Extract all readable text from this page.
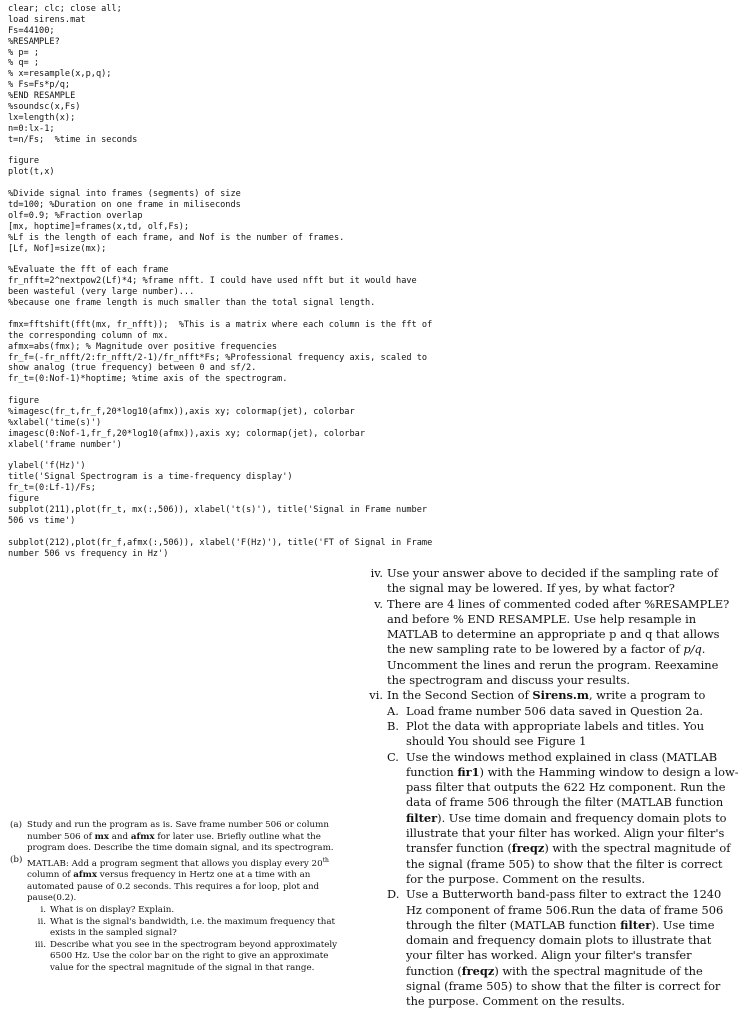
clear; clc; close all;
load sirens.mat
Fs=44100;
%RESAMPLE?
% p= ;
% q= ;
% x=resample(x,p,q);
% Fs=Fs*p/q;
%END RESAMPLE
%soundsc(x,Fs)
lx=length(x);
n=0:lx-1;
t=n/Fs;  %time in seconds
figure
plot(t,x)
%Divide signal into frames (segments) of size
td=100; %Duration on one frame in miliseconds
olf=0.9; %Fraction overlap
[mx, hoptime]=frames(x,td, olf,Fs);
%Lf is the length of each frame, and Nof is the number of frames.
[Lf, Nof]=size(mx);
%Evaluate the fft of each frame
fr_nfft=2^nextpow2(Lf)*4; %frame nfft. I could have used nfft but it would have
been wasteful (very large number)...
%because one frame length is much smaller than the total signal length.
fmx=fftshift(fft(mx, fr_nfft));  %This is a matrix where each column is the fft of
the corresponding column of mx.
afmx=abs(fmx); % Magnitude over positive frequencies
fr_f=(-fr_nfft/2:fr_nfft/2-1)/fr_nfft*Fs; %Professional frequency axis, scaled to
show analog (true frequency) between 0 and sf/2.
fr_t=(0:Nof-1)*hoptime; %time axis of the spectrogram.
figure
%imagesc(fr_t,fr_f,20*log10(afmx)),axis xy; colormap(jet), colorbar
%xlabel('time(s)')
imagesc(0:Nof-1,fr_f,20*log10(afmx)),axis xy; colormap(jet), colorbar
xlabel('frame number')
ylabel('f(Hz)')
title('Signal Spectrogram is a time-frequency display')
fr_t=(0:Lf-1)/Fs;
figure
subplot(211),plot(fr_t, mx(:,506)), xlabel('t(s)'), title('Signal in Frame number
506 vs time')
subplot(212),plot(fr_f,afmx(:,506)), xlabel('F(Hz)'), title('FT of Signal in Frame
number 506 vs frequency in Hz')
iv. Use your answer above to decided if the sampling rate of the signal may be lowered. If yes, by what factor?
v. There are 4 lines of commented coded after %RESAMPLE? and before % END RESAMPLE. Use help resample in MATLAB to determine an appropriate p and q that allows the new sampling rate to be lowered by a factor of p/q. Uncomment the lines and rerun the program. Reexamine the spectrogram and discuss your results.
vi. In the Second Section of Sirens.m, write a program to
A. Load frame number 506 data saved in Question 2a.
B. Plot the data with appropriate labels and titles. You should You should see Figure 1
C. Use the windows method explained in class (MATLAB function fir1) with the Hamming window to design a low-pass filter that outputs the 622 Hz component. Run the data of frame 506 through the filter (MATLAB function filter). Use time domain and frequency domain plots to illustrate that your filter has worked. Align your filter's transfer function (freqz) with the spectral magnitude of the signal (frame 505) to show that the filter is correct for the purpose. Comment on the results.
D. Use a Butterworth band-pass filter to extract the 1240 Hz component of frame 506.Run the data of frame 506 through the filter (MATLAB function filter). Use time domain and frequency domain plots to illustrate that your filter has worked. Align your filter's transfer function (freqz) with the spectral magnitude of the signal (frame 505) to show that the filter is correct for the purpose. Comment on the results.
(a) Study and run the program as is. Save frame number 506 or column number 506 of mx and afmx for later use. Briefly outline what the program does. Describe the time domain signal, and its spectrogram.
(b) MATLAB: Add a program segment that allows you display every 20th column of afmx versus frequency in Hertz one at a time with an automated pause of 0.2 seconds. This requires a for loop, plot and pause(0.2).
i. What is on display? Explain.
ii. What is the signal's bandwidth, i.e. the maximum frequency that exists in the sampled signal?
iii. Describe what you see in the spectrogram beyond approximately 6500 Hz. Use the color bar on the right to give an approximate value for the spectral magnitude of the signal in that range.
